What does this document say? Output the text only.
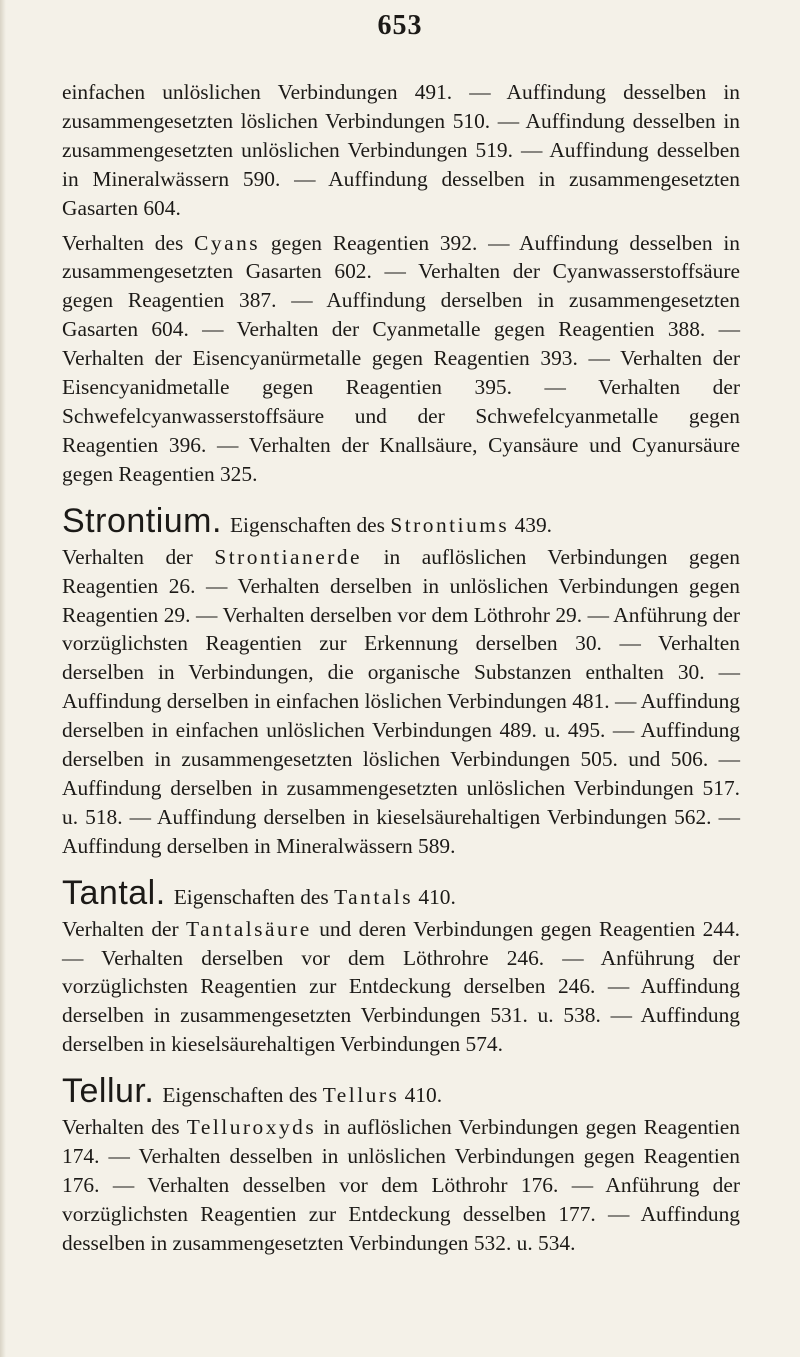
653

einfachen unlöslichen Verbindungen 491. — Auffindung desselben in zusammengesetzten löslichen Verbindungen 510. — Auffindung desselben in zusammengesetzten unlöslichen Verbindungen 519. — Auffindung desselben in Mineralwässern 590. — Auffindung desselben in zusammengesetzten Gasarten 604.

Verhalten des Cyans gegen Reagentien 392. — Auffindung desselben in zusammengesetzten Gasarten 602. — Verhalten der Cyanwasserstoffsäure gegen Reagentien 387. — Auffindung derselben in zusammengesetzten Gasarten 604. — Verhalten der Cyanmetalle gegen Reagentien 388. — Verhalten der Eisencyanürmetalle gegen Reagentien 393. — Verhalten der Eisencyanidmetalle gegen Reagentien 395. — Verhalten der Schwefelcyanwasserstoffsäure und der Schwefelcyanmetalle gegen Reagentien 396. — Verhalten der Knallsäure, Cyansäure und Cyanursäure gegen Reagentien 325.

Strontium. Eigenschaften des Strontiums 439.

Verhalten der Strontianerde in auflöslichen Verbindungen gegen Reagentien 26. — Verhalten derselben in unlöslichen Verbindungen gegen Reagentien 29. — Verhalten derselben vor dem Löthrohr 29. — Anführung der vorzüglichsten Reagentien zur Erkennung derselben 30. — Verhalten derselben in Verbindungen, die organische Substanzen enthalten 30. — Auffindung derselben in einfachen löslichen Verbindungen 481. — Auffindung derselben in einfachen unlöslichen Verbindungen 489. u. 495. — Auffindung derselben in zusammengesetzten löslichen Verbindungen 505. und 506. — Auffindung derselben in zusammengesetzten unlöslichen Verbindungen 517. u. 518. — Auffindung derselben in kieselsäurehaltigen Verbindungen 562. — Auffindung derselben in Mineralwässern 589.

Tantal. Eigenschaften des Tantals 410.

Verhalten der Tantalsäure und deren Verbindungen gegen Reagentien 244. — Verhalten derselben vor dem Löthrohre 246. — Anführung der vorzüglichsten Reagentien zur Entdeckung derselben 246. — Auffindung derselben in zusammengesetzten Verbindungen 531. u. 538. — Auffindung derselben in kieselsäurehaltigen Verbindungen 574.

Tellur. Eigenschaften des Tellurs 410.

Verhalten des Telluroxyds in auflöslichen Verbindungen gegen Reagentien 174. — Verhalten desselben in unlöslichen Verbindungen gegen Reagentien 176. — Verhalten desselben vor dem Löthrohr 176. — Anführung der vorzüglichsten Reagentien zur Entdeckung desselben 177. — Auffindung desselben in zusammengesetzten Verbindungen 532. u. 534.
